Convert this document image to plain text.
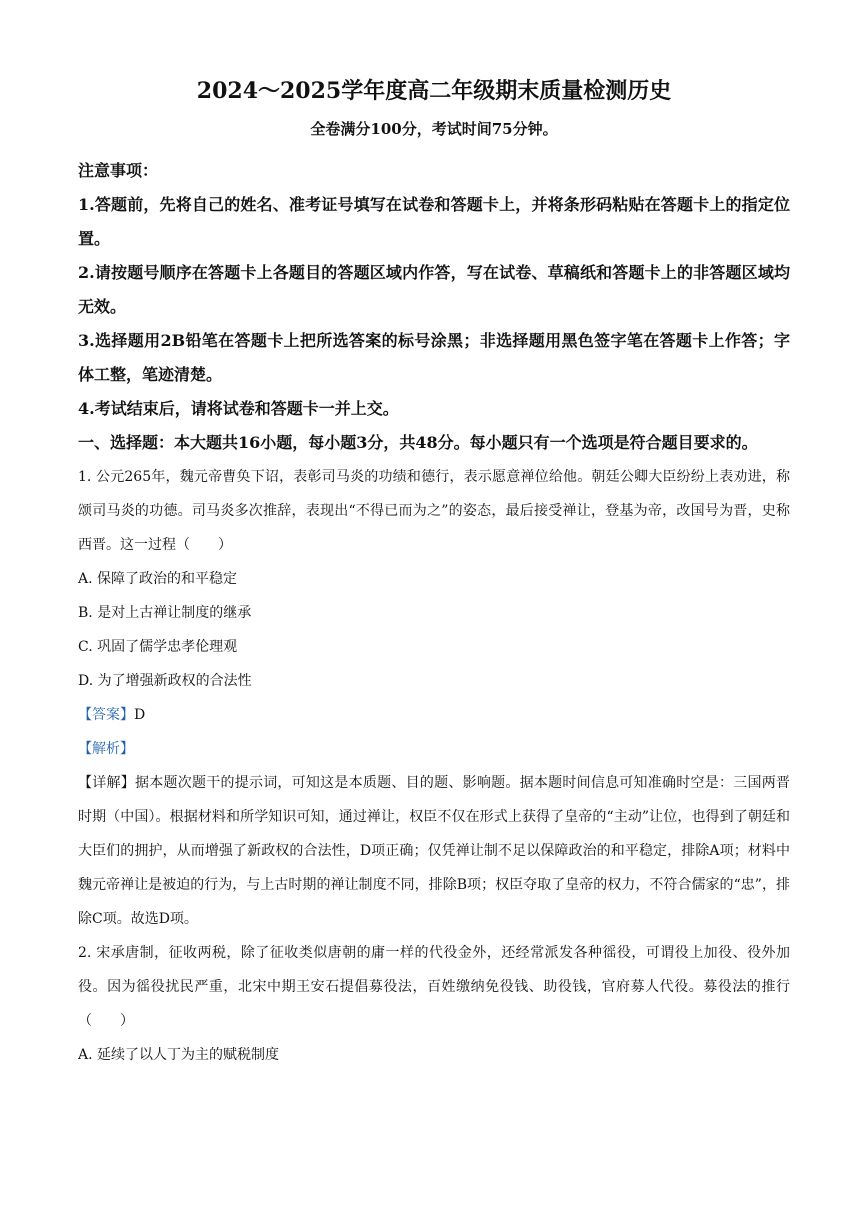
2024～2025学年度高二年级期末质量检测历史

全卷满分100分，考试时间75分钟。

注意事项：

1.答题前，先将自己的姓名、准考证号填写在试卷和答题卡上，并将条形码粘贴在答题卡上的指定位置。

2.请按题号顺序在答题卡上各题目的答题区域内作答，写在试卷、草稿纸和答题卡上的非答题区域均无效。

3.选择题用2B铅笔在答题卡上把所选答案的标号涂黑；非选择题用黑色签字笔在答题卡上作答；字体工整，笔迹清楚。

4.考试结束后，请将试卷和答题卡一并上交。

一、选择题：本大题共16小题，每小题3分，共48分。每小题只有一个选项是符合题目要求的。

1. 公元265年，魏元帝曹奂下诏，表彰司马炎的功绩和德行，表示愿意禅位给他。朝廷公卿大臣纷纷上表劝进，称颂司马炎的功德。司马炎多次推辞，表现出“不得已而为之”的姿态，最后接受禅让，登基为帝，改国号为晋，史称西晋。这一过程（　　）

A. 保障了政治的和平稳定

B. 是对上古禅让制度的继承

C. 巩固了儒学忠孝伦理观

D. 为了增强新政权的合法性

【答案】D

【解析】

【详解】据本题次题干的提示词，可知这是本质题、目的题、影响题。据本题时间信息可知准确时空是：三国两晋时期（中国）。根据材料和所学知识可知，通过禅让，权臣不仅在形式上获得了皇帝的“主动”让位，也得到了朝廷和大臣们的拥护，从而增强了新政权的合法性，D项正确；仅凭禅让制不足以保障政治的和平稳定，排除A项；材料中魏元帝禅让是被迫的行为，与上古时期的禅让制度不同，排除B项；权臣夺取了皇帝的权力，不符合儒家的“忠”，排除C项。故选D项。

2. 宋承唐制，征收两税，除了征收类似唐朝的庸一样的代役金外，还经常派发各种徭役，可谓役上加役、役外加役。因为徭役扰民严重，北宋中期王安石提倡募役法，百姓缴纳免役钱、助役钱，官府募人代役。募役法的推行（　　）

A. 延续了以人丁为主的赋税制度
